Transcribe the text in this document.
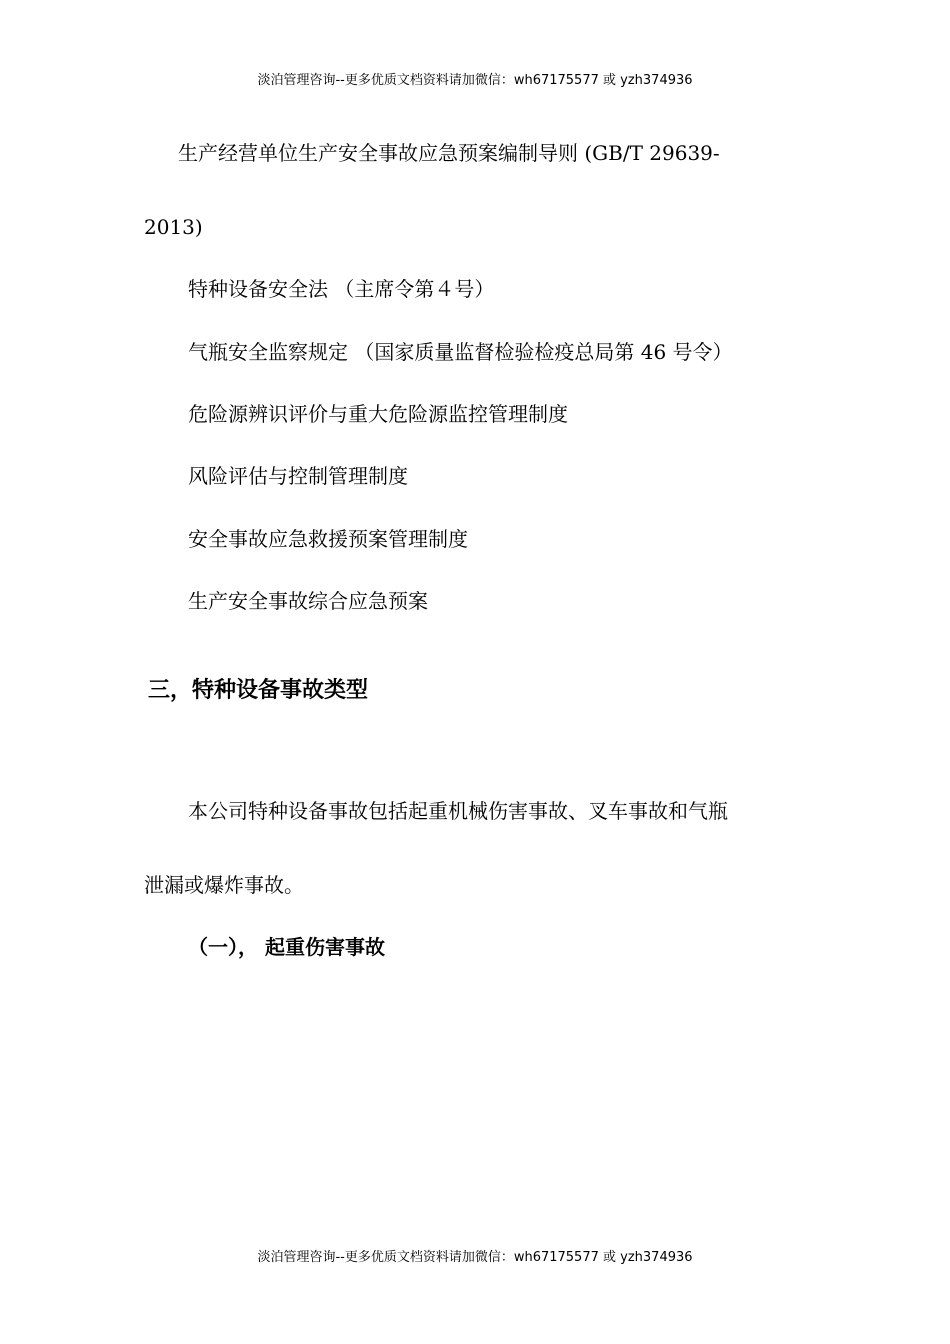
淡泊管理咨询--更多优质文档资料请加微信：wh67175577 或 yzh374936
生产经营单位生产安全事故应急预案编制导则 (GB/T 29639-
2013)
特种设备安全法 （主席令第４号）
气瓶安全监察规定 （国家质量监督检验检疫总局第 46 号令）
危险源辨识评价与重大危险源监控管理制度
风险评估与控制管理制度
安全事故应急救援预案管理制度
生产安全事故综合应急预案
三，特种设备事故类型
本公司特种设备事故包括起重机械伤害事故、叉车事故和气瓶
泄漏或爆炸事故。
（一）， 起重伤害事故
淡泊管理咨询--更多优质文档资料请加微信：wh67175577 或 yzh374936
